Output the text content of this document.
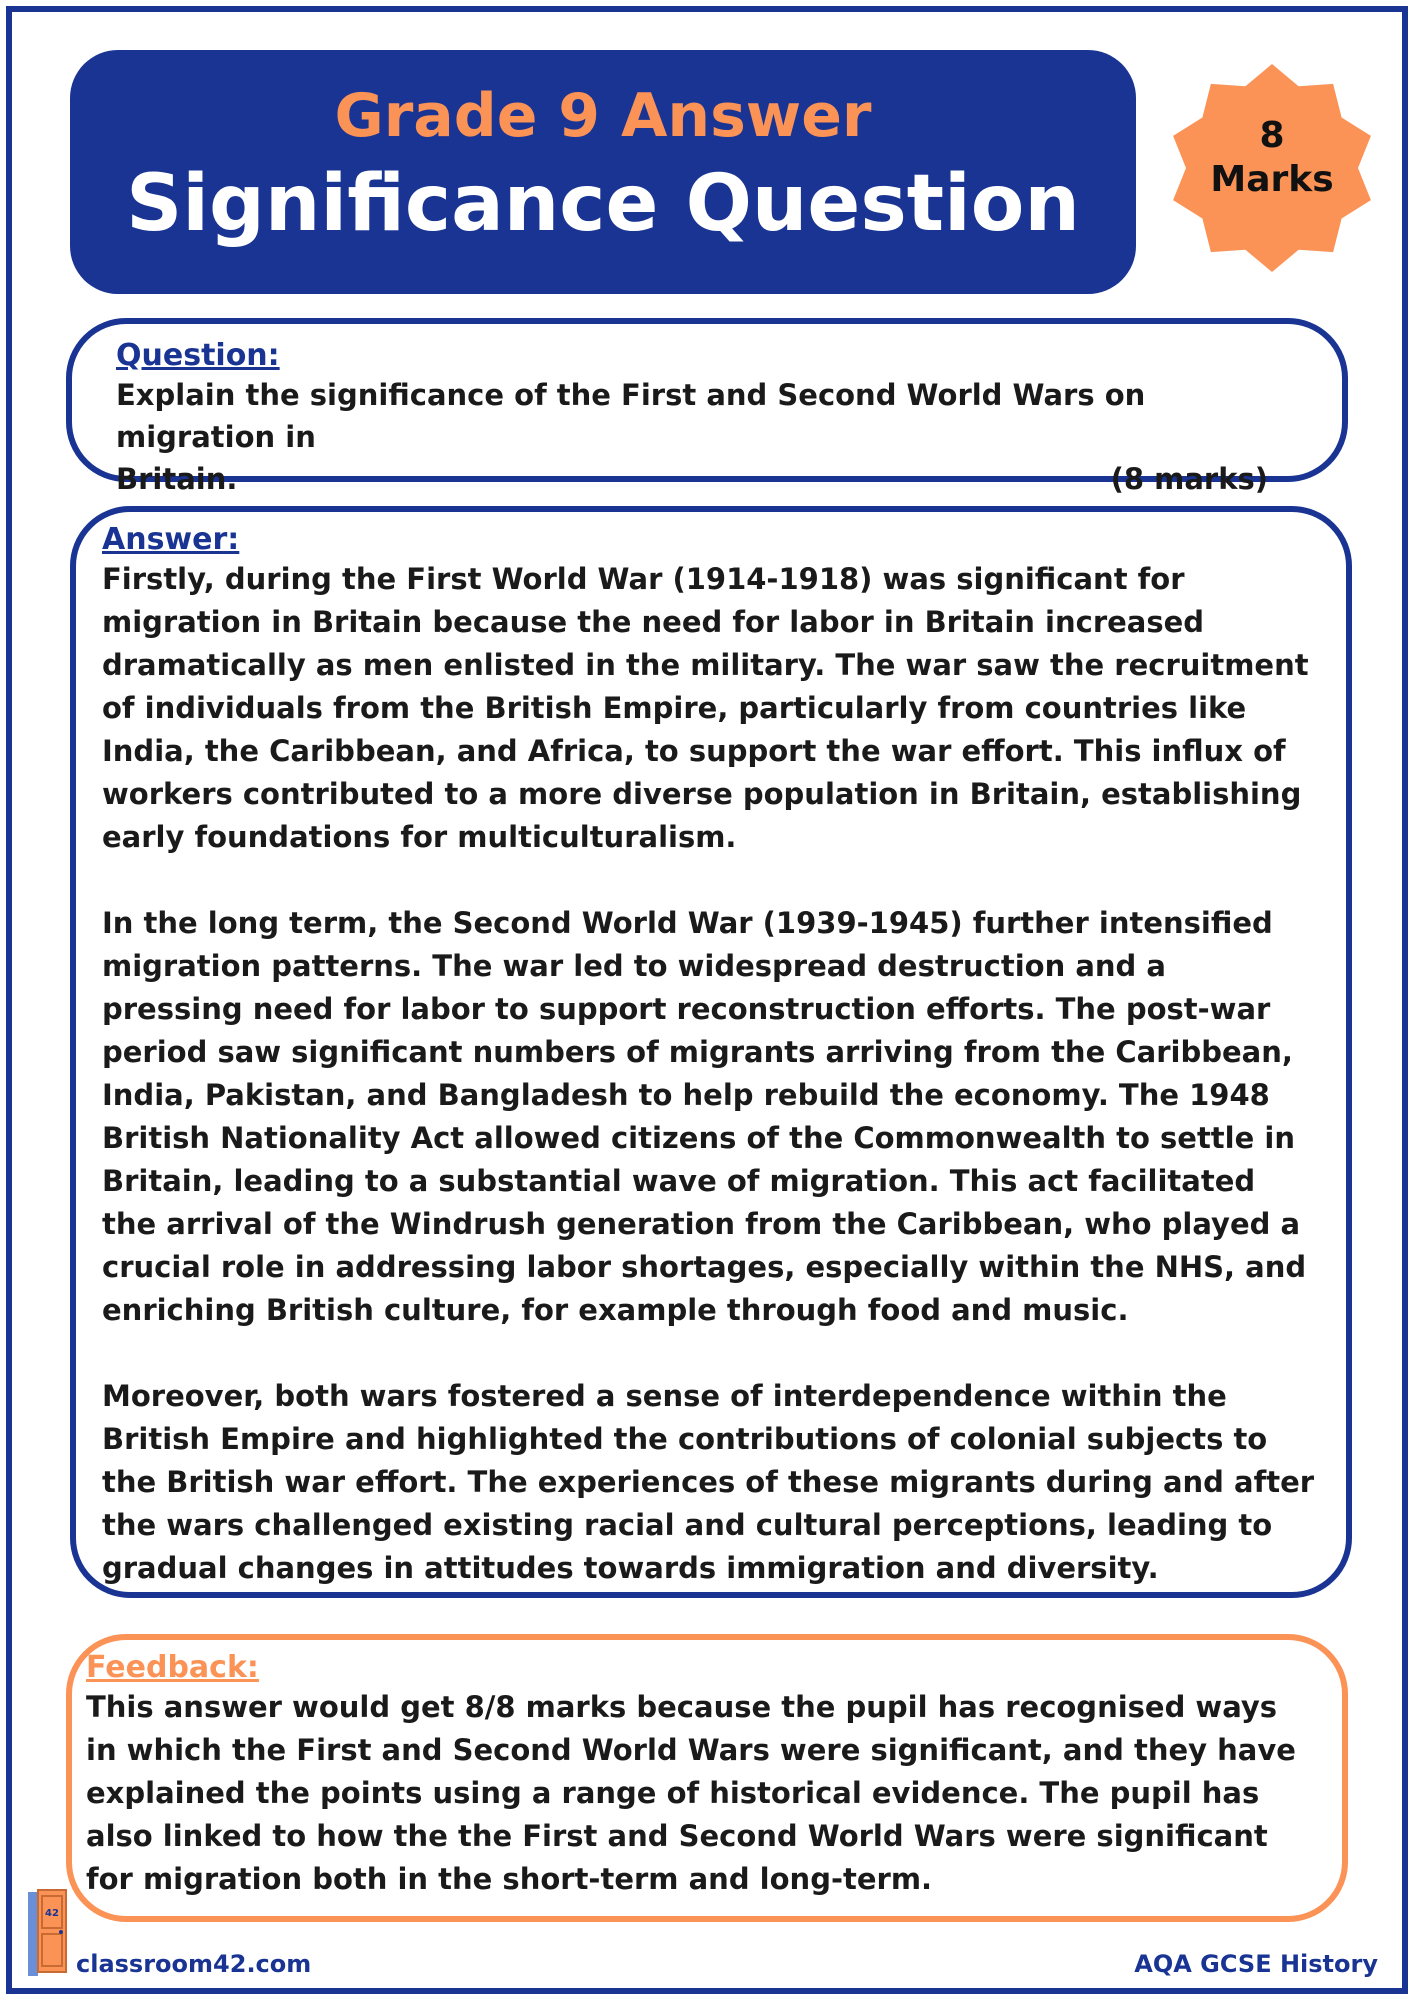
Grade 9 Answer
Significance Question
8
Marks
Question:
Explain the significance of the First and Second World Wars on migration in
Britain.	(8 marks)
Answer:

Firstly, during the First World War (1914-1918) was significant for migration in Britain because the need for labor in Britain increased dramatically as men enlisted in the military. The war saw the recruitment of individuals from the British Empire, particularly from countries like India, the Caribbean, and Africa, to support the war effort. This influx of workers contributed to a more diverse population in Britain, establishing early foundations for multiculturalism.

In the long term, the Second World War (1939-1945) further intensified migration patterns. The war led to widespread destruction and a pressing need for labor to support reconstruction efforts. The post-war period saw significant numbers of migrants arriving from the Caribbean, India, Pakistan, and Bangladesh to help rebuild the economy. The 1948 British Nationality Act allowed citizens of the Commonwealth to settle in Britain, leading to a substantial wave of migration. This act facilitated the arrival of the Windrush generation from the Caribbean, who played a crucial role in addressing labor shortages, especially within the NHS, and enriching British culture, for example through food and music.

Moreover, both wars fostered a sense of interdependence within the British Empire and highlighted the contributions of colonial subjects to the British war effort. The experiences of these migrants during and after the wars challenged existing racial and cultural perceptions, leading to gradual changes in attitudes towards immigration and diversity.

Feedback:
This answer would get 8/8 marks because the pupil has recognised ways in which the First and Second World Wars were significant, and they have explained the points using a range of historical evidence. The pupil has also linked to how the the First and Second World Wars were significant for migration both in the short-term and long-term.
42
classroom42.com	AQA GCSE History
